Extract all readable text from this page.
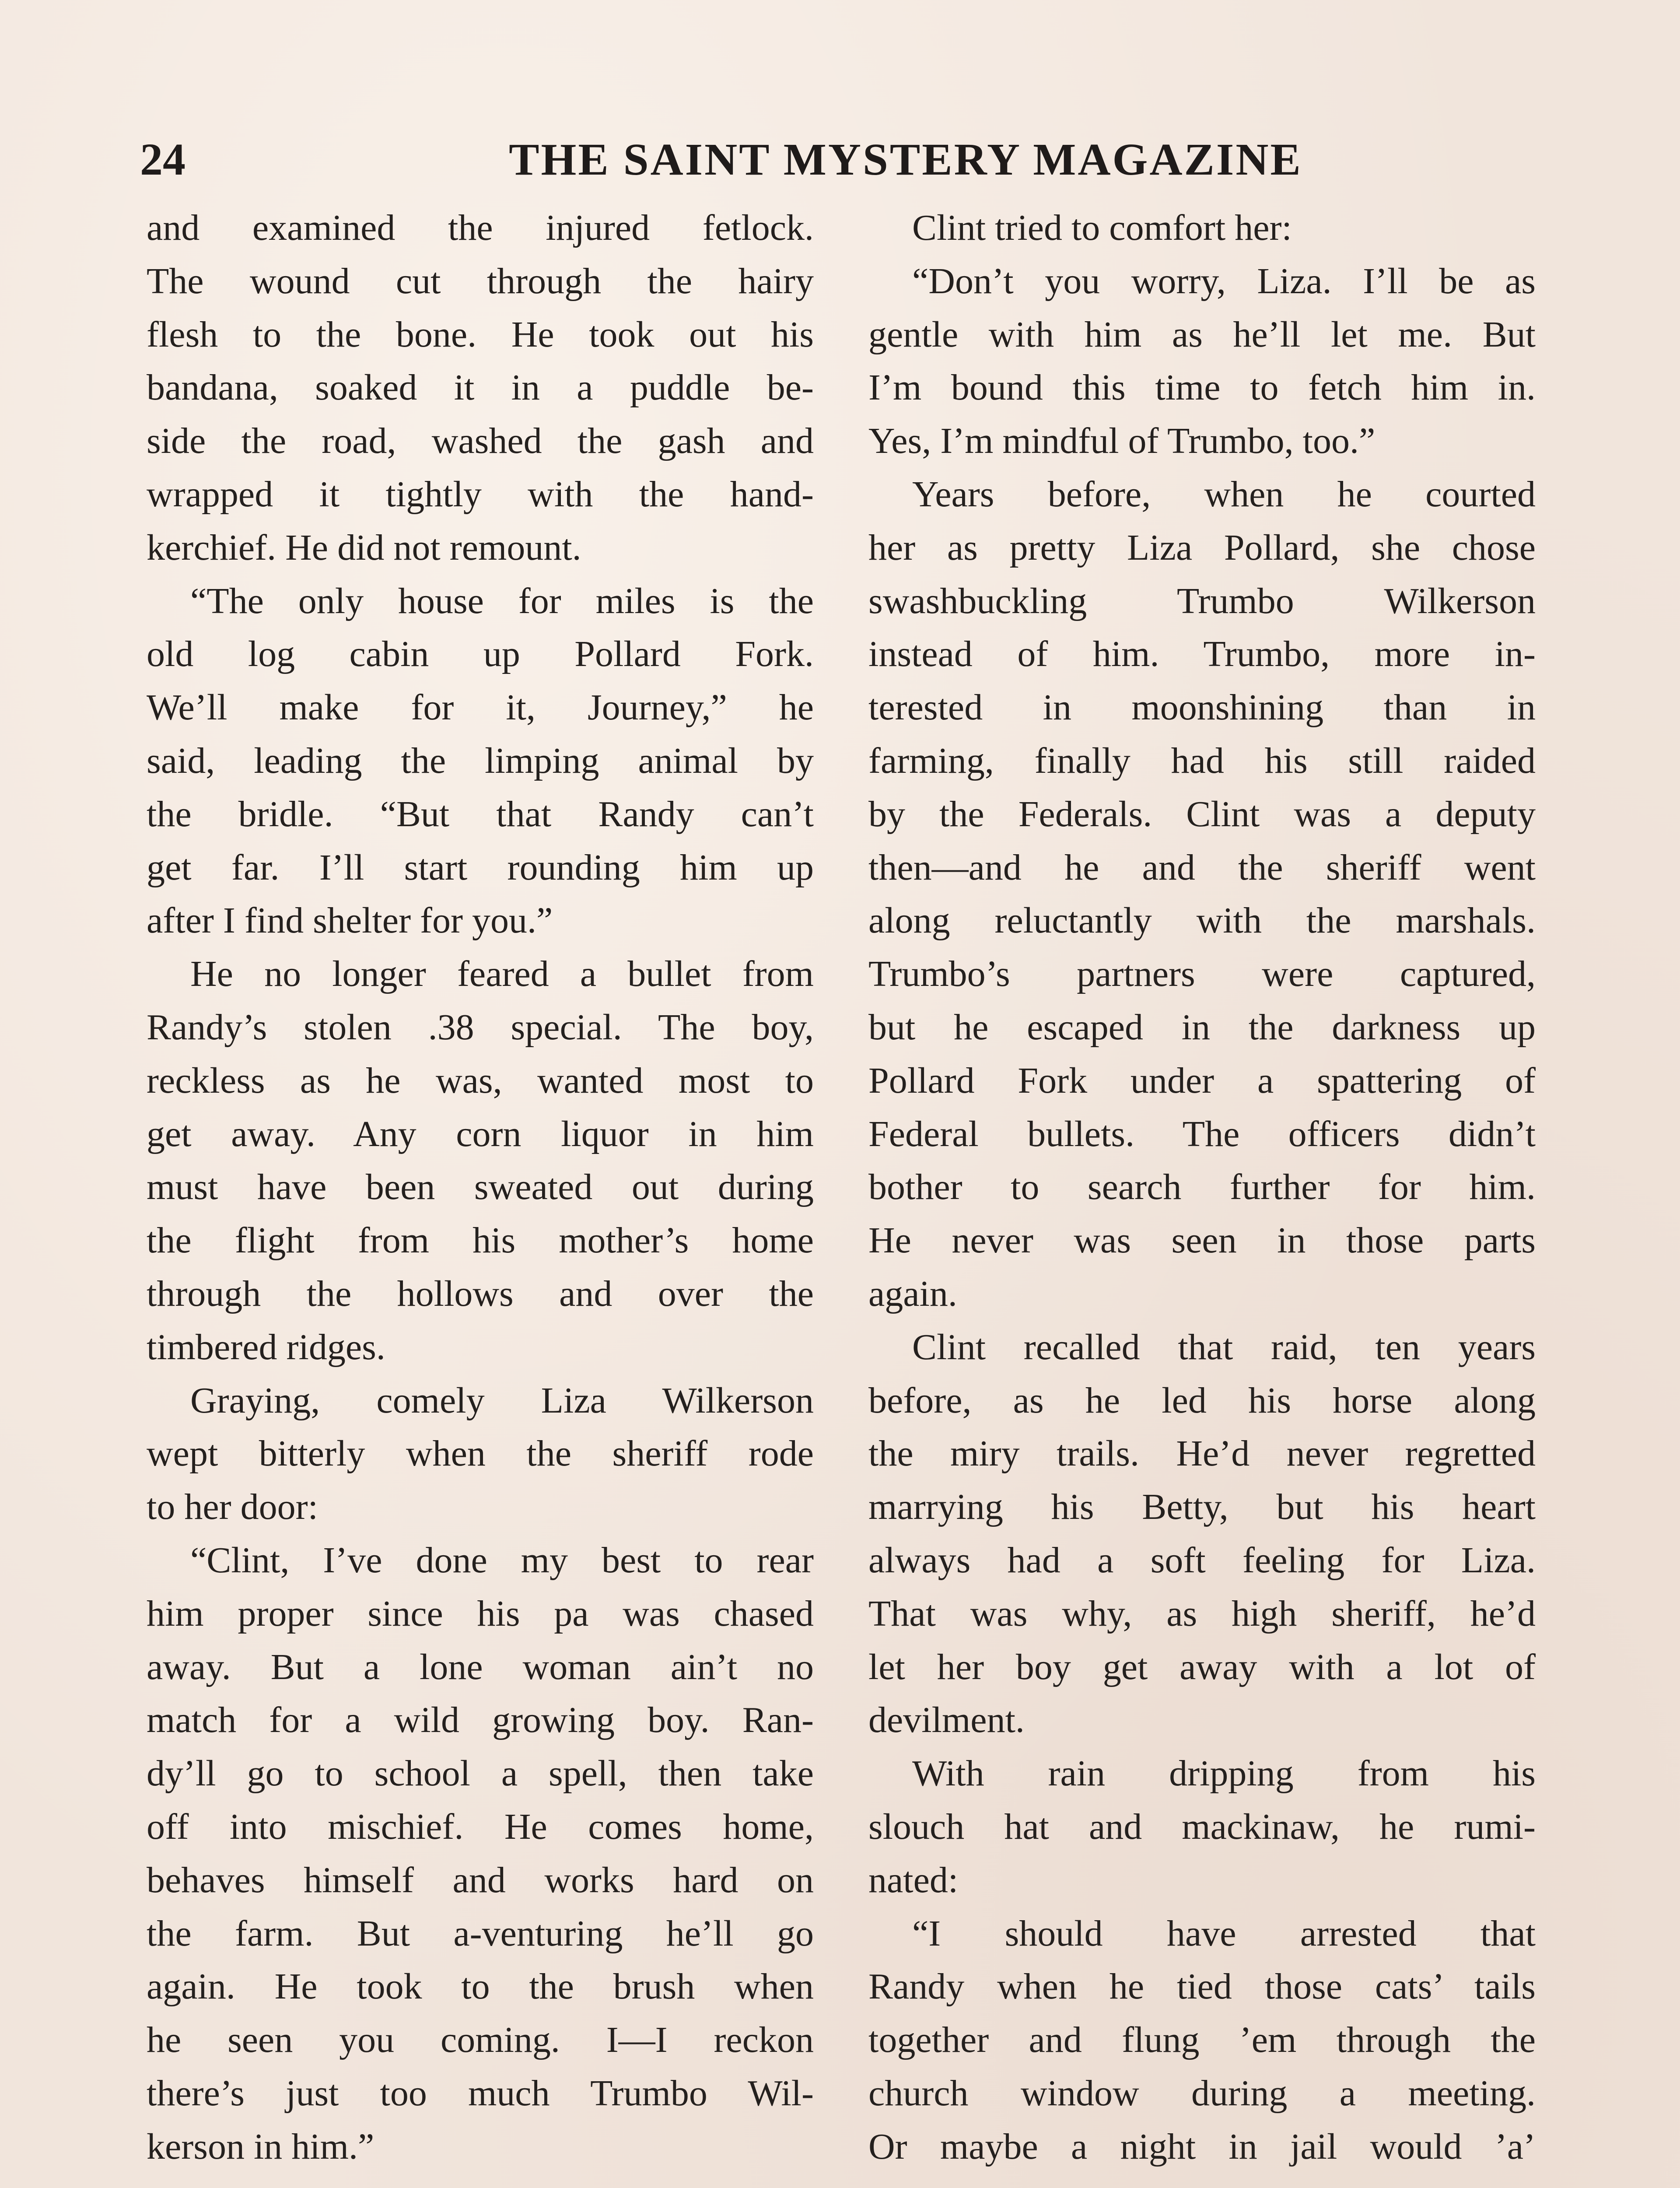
24	THE SAINT MYSTERY MAGAZINE
and examined the injured fetlock.
The wound cut through the hairy
flesh to the bone. He took out his
bandana, soaked it in a puddle be-
side the road, washed the gash and
wrapped it tightly with the hand-
kerchief. He did not remount.
“The only house for miles is the
old log cabin up Pollard Fork.
We’ll make for it, Journey,” he
said, leading the limping animal by
the bridle. “But that Randy can’t
get far. I’ll start rounding him up
after I find shelter for you.”
He no longer feared a bullet from
Randy’s stolen .38 special. The boy,
reckless as he was, wanted most to
get away. Any corn liquor in him
must have been sweated out during
the flight from his mother’s home
through the hollows and over the
timbered ridges.
Graying, comely Liza Wilkerson
wept bitterly when the sheriff rode
to her door:
“Clint, I’ve done my best to rear
him proper since his pa was chased
away. But a lone woman ain’t no
match for a wild growing boy. Ran-
dy’ll go to school a spell, then take
off into mischief. He comes home,
behaves himself and works hard on
the farm. But a-venturing he’ll go
again. He took to the brush when
he seen you coming. I—I reckon
there’s just too much Trumbo Wil-
kerson in him.”
Clint tried to comfort her:
“Don’t you worry, Liza. I’ll be as
gentle with him as he’ll let me. But
I’m bound this time to fetch him in.
Yes, I’m mindful of Trumbo, too.”
Years before, when he courted
her as pretty Liza Pollard, she chose
swashbuckling Trumbo Wilkerson
instead of him. Trumbo, more in-
terested in moonshining than in
farming, finally had his still raided
by the Federals. Clint was a deputy
then—and he and the sheriff went
along reluctantly with the marshals.
Trumbo’s partners were captured,
but he escaped in the darkness up
Pollard Fork under a spattering of
Federal bullets. The officers didn’t
bother to search further for him.
He never was seen in those parts
again.
Clint recalled that raid, ten years
before, as he led his horse along
the miry trails. He’d never regretted
marrying his Betty, but his heart
always had a soft feeling for Liza.
That was why, as high sheriff, he’d
let her boy get away with a lot of
devilment.
With rain dripping from his
slouch hat and mackinaw, he rumi-
nated:
“I should have arrested that
Randy when he tied those cats’ tails
together and flung ’em through the
church window during a meeting.
Or maybe a night in jail would ’a’
